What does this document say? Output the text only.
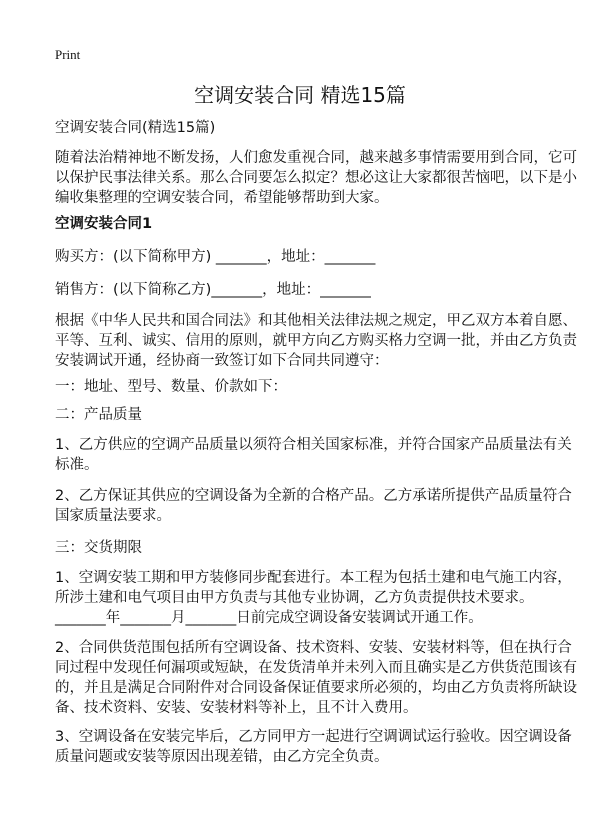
Print
空调安装合同 精选15篇
空调安装合同(精选15篇)
随着法治精神地不断发扬，人们愈发重视合同，越来越多事情需要用到合同，它可
以保护民事法律关系。那么合同要怎么拟定？想必这让大家都很苦恼吧，以下是小
编收集整理的空调安装合同，希望能够帮助到大家。
空调安装合同1
购买方：(以下简称甲方) _______，地址：_______
销售方：(以下简称乙方)_______，地址：_______
根据《中华人民共和国合同法》和其他相关法律法规之规定，甲乙双方本着自愿、
平等、互利、诚实、信用的原则，就甲方向乙方购买格力空调一批，并由乙方负责
安装调试开通，经协商一致签订如下合同共同遵守：
一：地址、型号、数量、价款如下：
二：产品质量
1、乙方供应的空调产品质量以须符合相关国家标准，并符合国家产品质量法有关
标准。
2、乙方保证其供应的空调设备为全新的合格产品。乙方承诺所提供产品质量符合
国家质量法要求。
三：交货期限
1、空调安装工期和甲方装修同步配套进行。本工程为包括土建和电气施工内容，
所涉土建和电气项目由甲方负责与其他专业协调，乙方负责提供技术要求。
_______年_______月_______日前完成空调设备安装调试开通工作。
2、合同供货范围包括所有空调设备、技术资料、安装、安装材料等，但在执行合
同过程中发现任何漏项或短缺，在发货清单并未列入而且确实是乙方供货范围该有
的，并且是满足合同附件对合同设备保证值要求所必须的，均由乙方负责将所缺设
备、技术资料、安装、安装材料等补上，且不计入费用。
3、空调设备在安装完毕后，乙方同甲方一起进行空调调试运行验收。因空调设备
质量问题或安装等原因出现差错，由乙方完全负责。
